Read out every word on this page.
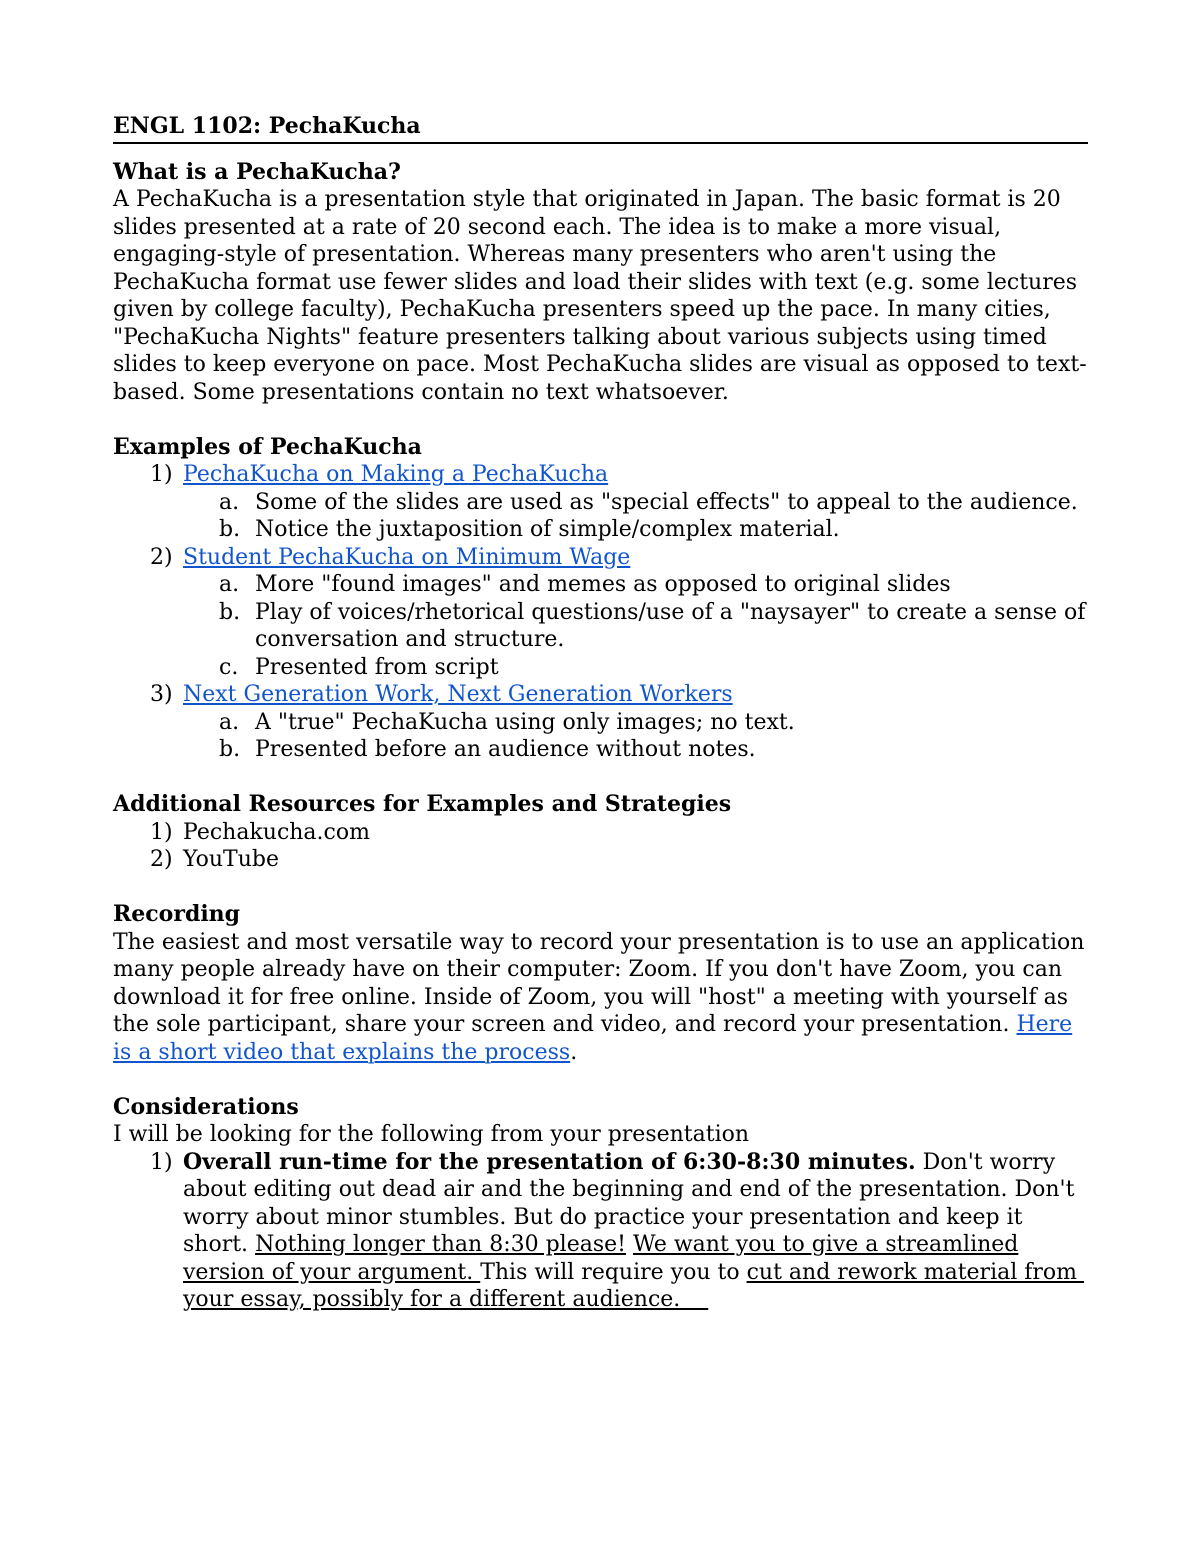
ENGL 1102: PechaKucha
What is a PechaKucha?

A PechaKucha is a presentation style that originated in Japan. The basic format is 20 slides presented at a rate of 20 second each. The idea is to make a more visual, engaging-style of presentation. Whereas many presenters who aren't using the PechaKucha format use fewer slides and load their slides with text (e.g. some lectures given by college faculty), PechaKucha presenters speed up the pace. In many cities, "PechaKucha Nights" feature presenters talking about various subjects using timed slides to keep everyone on pace. Most PechaKucha slides are visual as opposed to text-based. Some presentations contain no text whatsoever.

Examples of PechaKucha
1) PechaKucha on Making a PechaKucha
a. Some of the slides are used as "special effects" to appeal to the audience.
b. Notice the juxtaposition of simple/complex material.
2) Student PechaKucha on Minimum Wage
a. More "found images" and memes as opposed to original slides
b. Play of voices/rhetorical questions/use of a "naysayer" to create a sense of conversation and structure.
c. Presented from script
3) Next Generation Work, Next Generation Workers
a. A "true" PechaKucha using only images; no text.
b. Presented before an audience without notes.
Additional Resources for Examples and Strategies
1) Pechakucha.com
2) YouTube
Recording

The easiest and most versatile way to record your presentation is to use an application many people already have on their computer: Zoom. If you don't have Zoom, you can download it for free online. Inside of Zoom, you will "host" a meeting with yourself as the sole participant, share your screen and video, and record your presentation. Here is a short video that explains the process.

Considerations

I will be looking for the following from your presentation

1) Overall run-time for the presentation of 6:30-8:30 minutes. Don't worry about editing out dead air and the beginning and end of the presentation. Don't worry about minor stumbles. But do practice your presentation and keep it short. Nothing longer than 8:30 please! We want you to give a streamlined version of your argument. This will require you to cut and rework material from your essay, possibly for a different audience.
